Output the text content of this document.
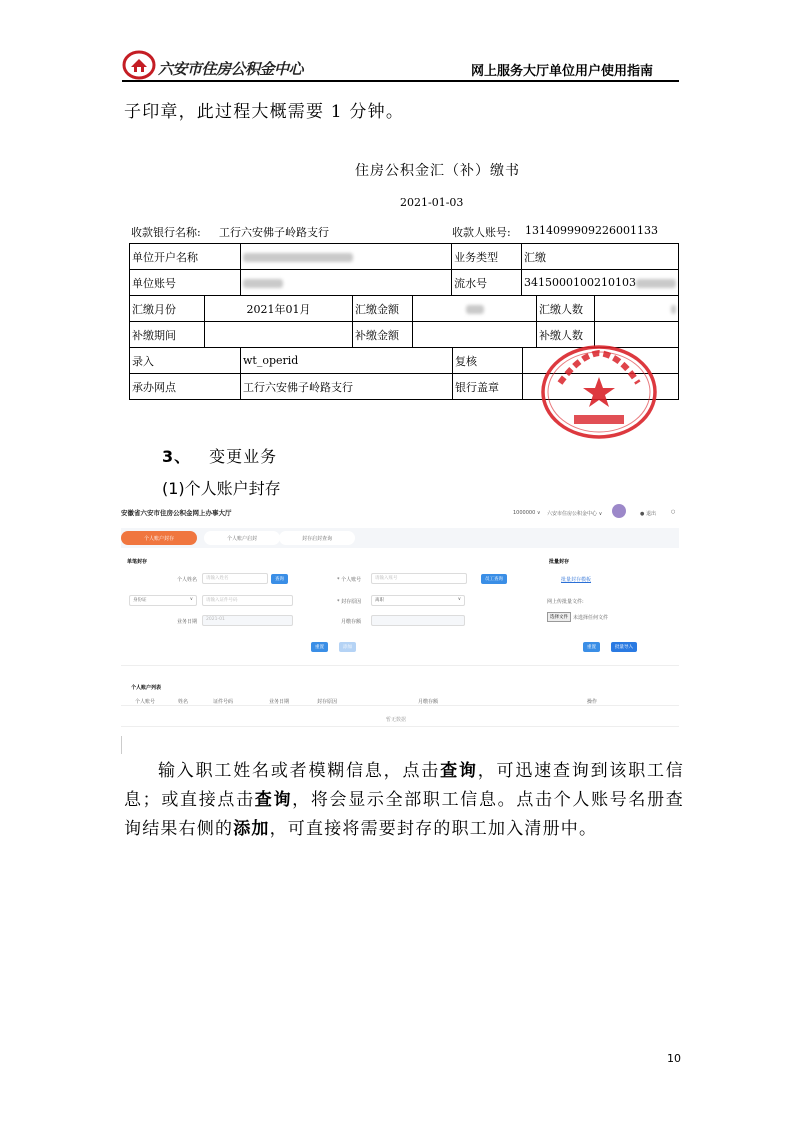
六安市住房公积金中心	网上服务大厅单位用户使用指南
子印章，此过程大概需要 1 分钟。
住房公积金汇（补）缴书
2021-01-03
收款银行名称: 工行六安佛子岭路支行	收款人账号: 1314099909226001133
单位开户名称		业务类型	汇缴
单位账号		流水号	3415000100210103
汇缴月份	2021年01月	汇缴金额		汇缴人数	
补缴期间		补缴金额		补缴人数	
录入	wt_operid	复核	
承办网点	工行六安佛子岭路支行	银行盖章	
3、 变更业务
(1)个人账户封存
安徽省六安市住房公积金网上办事大厅	1000000 ∨ 六安市住房公积金中心 ∨	● 退出	○
个人账户封存	个人账户启封	封存启封查询
单笔封存	批量封存
个人姓名	请输入姓名	查询	* 个人账号	请输入账号	员工查询
身份证	∨	请输入证件号码	* 封存原因	离职	∨
业务日期	2021-01	月缴存额
重置	添加
批量封存模板
网上传批量文件:
选择文件	未选择任何文件
重置	批量导入
个人账户列表
个人账号	姓名	证件号码	业务日期	封存原因	月缴存额	操作
暂无数据
输入职工姓名或者模糊信息，点击查询，可迅速查询到该职工信息；或直接点击查询，将会显示全部职工信息。点击个人账号名册查询结果右侧的添加，可直接将需要封存的职工加入清册中。
10
